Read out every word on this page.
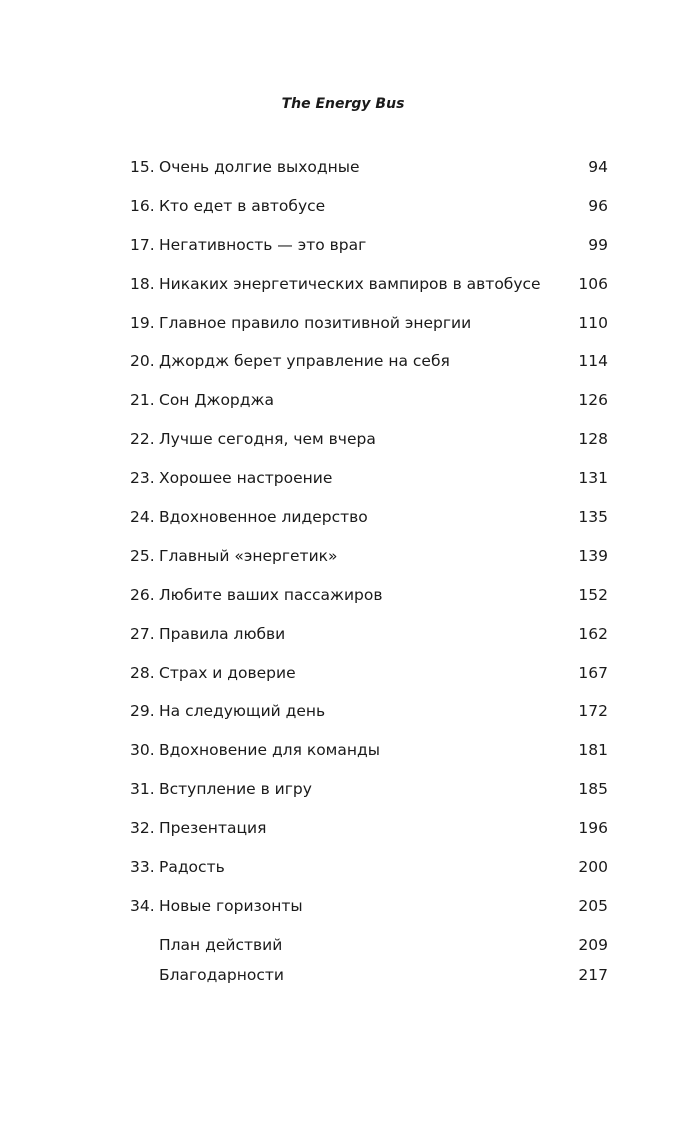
The Energy Bus
15. Очень долгие выходные	94
16. Кто едет в автобусе	96
17. Негативность — это враг	99
18. Никаких энергетических вампиров в автобусе 106
19. Главное правило позитивной энергии	110
20. Джордж берет управление на себя	114
21. Сон Джорджа	126
22. Лучше сегодня, чем вчера	128
23. Хорошее настроение	131
24. Вдохновенное лидерство	135
25. Главный «энергетик»	139
26. Любите ваших пассажиров	152
27. Правила любви	162
28. Страх и доверие	167
29. На следующий день	172
30. Вдохновение для команды	181
31. Вступление в игру	185
32. Презентация	196
33. Радость	200
34. Новые горизонты	205
План действий	209
Благодарности	217
